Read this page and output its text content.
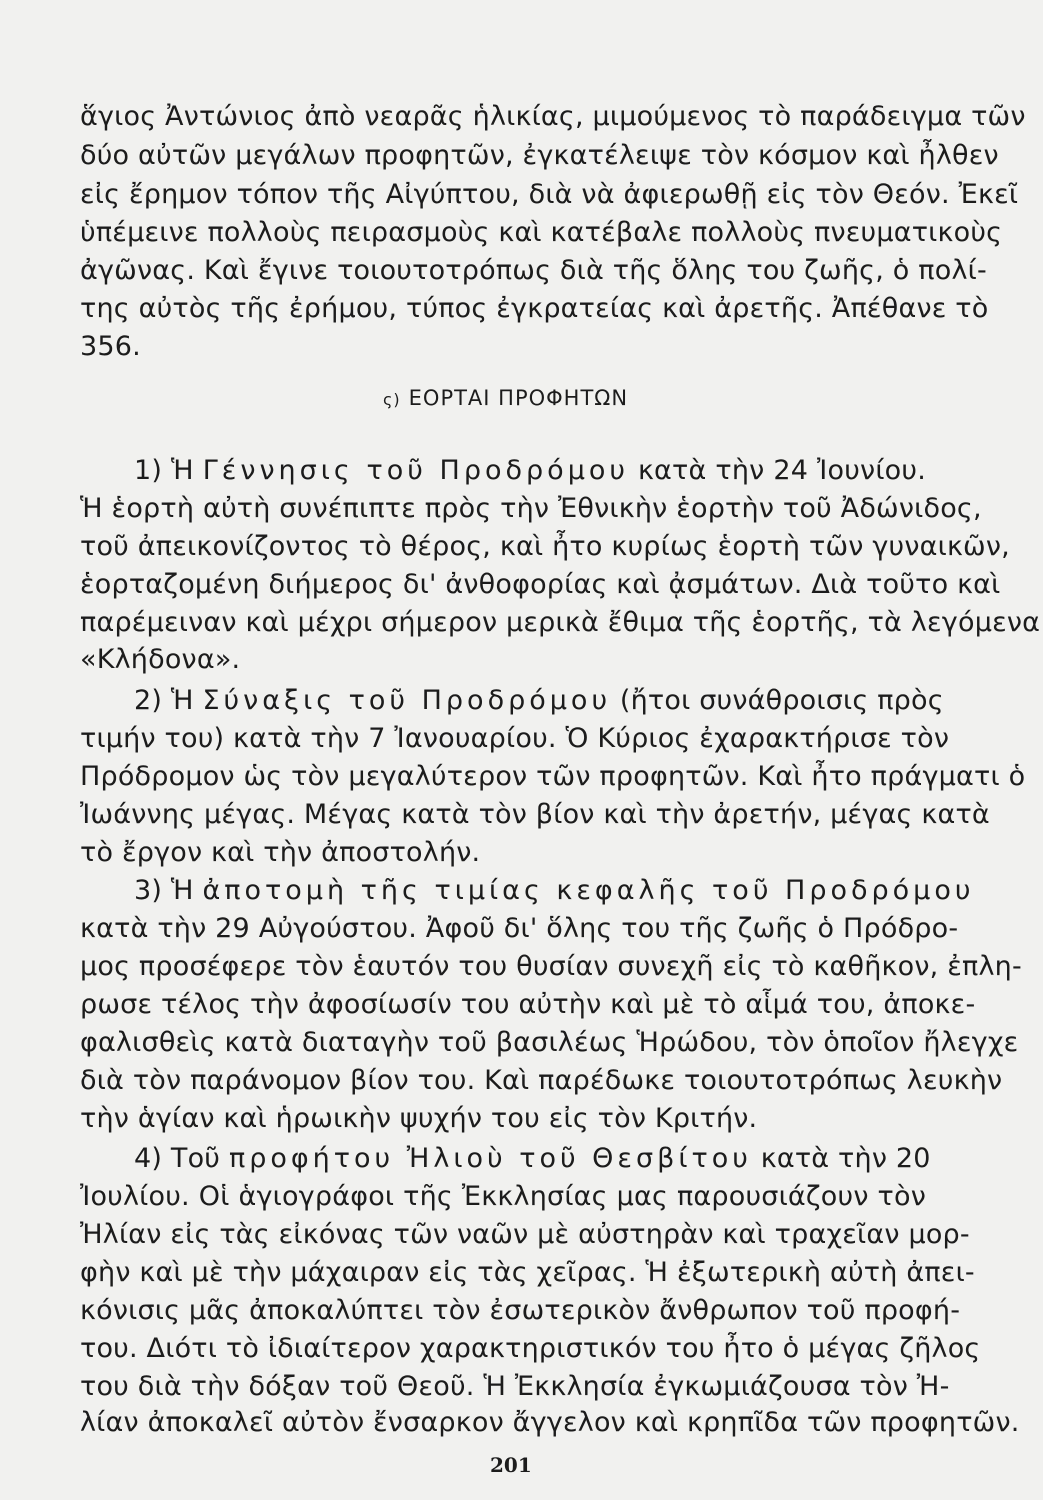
ἅγιος Ἀντώνιος ἀπὸ νεαρᾶς ἡλικίας, μιμούμενος τὸ παράδειγμα τῶν
δύο αὐτῶν μεγάλων προφητῶν, ἐγκατέλειψε τὸν κόσμον καὶ ἦλθεν
εἰς ἔρημον τόπον τῆς Αἰγύπτου, διὰ νὰ ἀφιερωθῇ εἰς τὸν Θεόν. Ἐκεῖ
ὑπέμεινε πολλοὺς πειρασμοὺς καὶ κατέβαλε πολλοὺς πνευματικοὺς
ἀγῶνας. Καὶ ἔγινε τοιουτοτρόπως διὰ τῆς ὅλης του ζωῆς, ὁ πολί-
της αὐτὸς τῆς ἐρήμου, τύπος ἐγκρατείας καὶ ἀρετῆς. Ἀπέθανε τὸ
356.
ς) ΕΟΡΤΑΙ ΠΡΟΦΗΤΩΝ
1) Ἡ Γέννησις τοῦ Προδρόμου κατὰ τὴν 24 Ἰουνίου.
Ἡ ἑορτὴ αὐτὴ συνέπιπτε πρὸς τὴν Ἐθνικὴν ἑορτὴν τοῦ Ἀδώνιδος,
τοῦ ἀπεικονίζοντος τὸ θέρος, καὶ ἦτο κυρίως ἑορτὴ τῶν γυναικῶν,
ἑορταζομένη διήμερος δι' ἀνθοφορίας καὶ ᾀσμάτων. Διὰ τοῦτο καὶ
παρέμειναν καὶ μέχρι σήμερον μερικὰ ἔθιμα τῆς ἑορτῆς, τὰ λεγόμενα
«Κλήδονα».
2) Ἡ Σύναξις τοῦ Προδρόμου (ἤτοι συνάθροισις πρὸς
τιμήν του) κατὰ τὴν 7 Ἰανουαρίου. Ὁ Κύριος ἐχαρακτήρισε τὸν
Πρόδρομον ὡς τὸν μεγαλύτερον τῶν προφητῶν. Καὶ ἦτο πράγματι ὁ
Ἰωάννης μέγας. Μέγας κατὰ τὸν βίον καὶ τὴν ἀρετήν, μέγας κατὰ
τὸ ἔργον καὶ τὴν ἀποστολήν.
3) Ἡ ἀποτομὴ τῆς τιμίας κεφαλῆς τοῦ Προδρόμου
κατὰ τὴν 29 Αὐγούστου. Ἀφοῦ δι' ὅλης του τῆς ζωῆς ὁ Πρόδρο-
μος προσέφερε τὸν ἑαυτόν του θυσίαν συνεχῆ εἰς τὸ καθῆκον, ἐπλη-
ρωσε τέλος τὴν ἀφοσίωσίν του αὐτὴν καὶ μὲ τὸ αἷμά του, ἀποκε-
φαλισθεὶς κατὰ διαταγὴν τοῦ βασιλέως Ἡρώδου, τὸν ὁποῖον ἤλεγχε
διὰ τὸν παράνομον βίον του. Καὶ παρέδωκε τοιουτοτρόπως λευκὴν
τὴν ἁγίαν καὶ ἡρωικὴν ψυχήν του εἰς τὸν Κριτήν.
4) Τοῦ προφήτου Ἠλιοὺ τοῦ Θεσβίτου κατὰ τὴν 20
Ἰουλίου. Οἱ ἁγιογράφοι τῆς Ἐκκλησίας μας παρουσιάζουν τὸν
Ἠλίαν εἰς τὰς εἰκόνας τῶν ναῶν μὲ αὐστηρὰν καὶ τραχεῖαν μορ-
φὴν καὶ μὲ τὴν μάχαιραν εἰς τὰς χεῖρας. Ἡ ἐξωτερικὴ αὐτὴ ἀπει-
κόνισις μᾶς ἀποκαλύπτει τὸν ἐσωτερικὸν ἄνθρωπον τοῦ προφή-
του. Διότι τὸ ἰδιαίτερον χαρακτηριστικόν του ἦτο ὁ μέγας ζῆλος
του διὰ τὴν δόξαν τοῦ Θεοῦ. Ἡ Ἐκκλησία ἐγκωμιάζουσα τὸν Ἠ-
λίαν ἀποκαλεῖ αὐτὸν ἔνσαρκον ἄγγελον καὶ κρηπῖδα τῶν προφητῶν.
201
